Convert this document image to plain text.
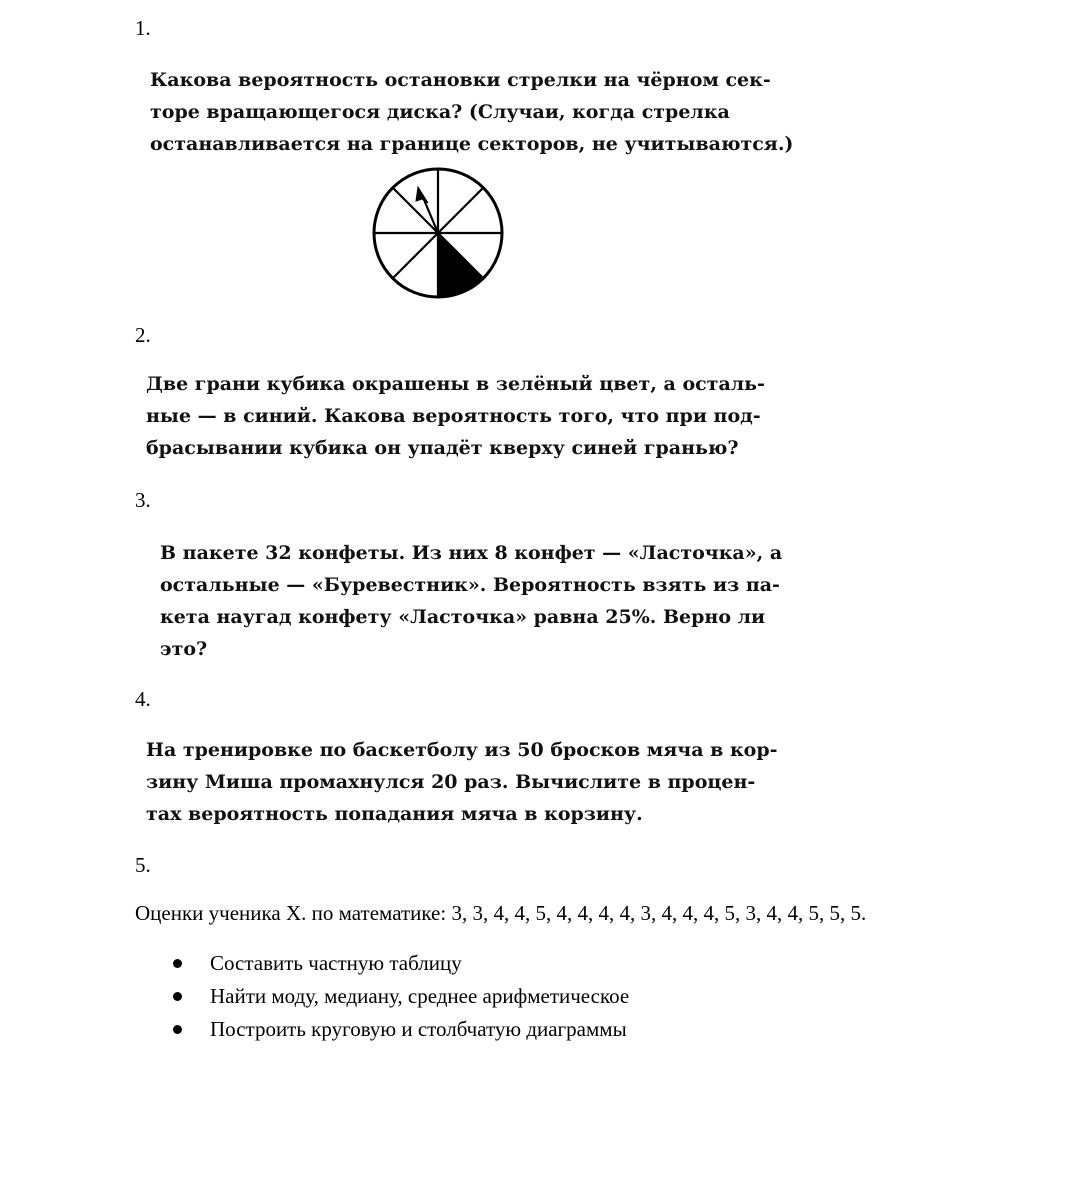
1.
Какова вероятность остановки стрелки на чёрном сек-
торе вращающегося диска? (Случаи, когда стрелка
останавливается на границе секторов, не учитываются.)
2.
Две грани кубика окрашены в зелёный цвет, а осталь-
ные — в синий. Какова вероятность того, что при под-
брасывании кубика он упадёт кверху синей гранью?
3.
В пакете 32 конфеты. Из них 8 конфет — «Ласточка», а
остальные — «Буревестник». Вероятность взять из па-
кета наугад конфету «Ласточка» равна 25%. Верно ли
это?
4.
На тренировке по баскетболу из 50 бросков мяча в кор-
зину Миша промахнулся 20 раз. Вычислите в процен-
тах вероятность попадания мяча в корзину.
5.
Оценки ученика Х. по математике: 3, 3, 4, 4, 5, 4, 4, 4, 4, 3, 4, 4, 4, 5, 3, 4, 4, 5, 5, 5.
Составить частную таблицу
Найти моду, медиану, среднее арифметическое
Построить круговую и столбчатую диаграммы
